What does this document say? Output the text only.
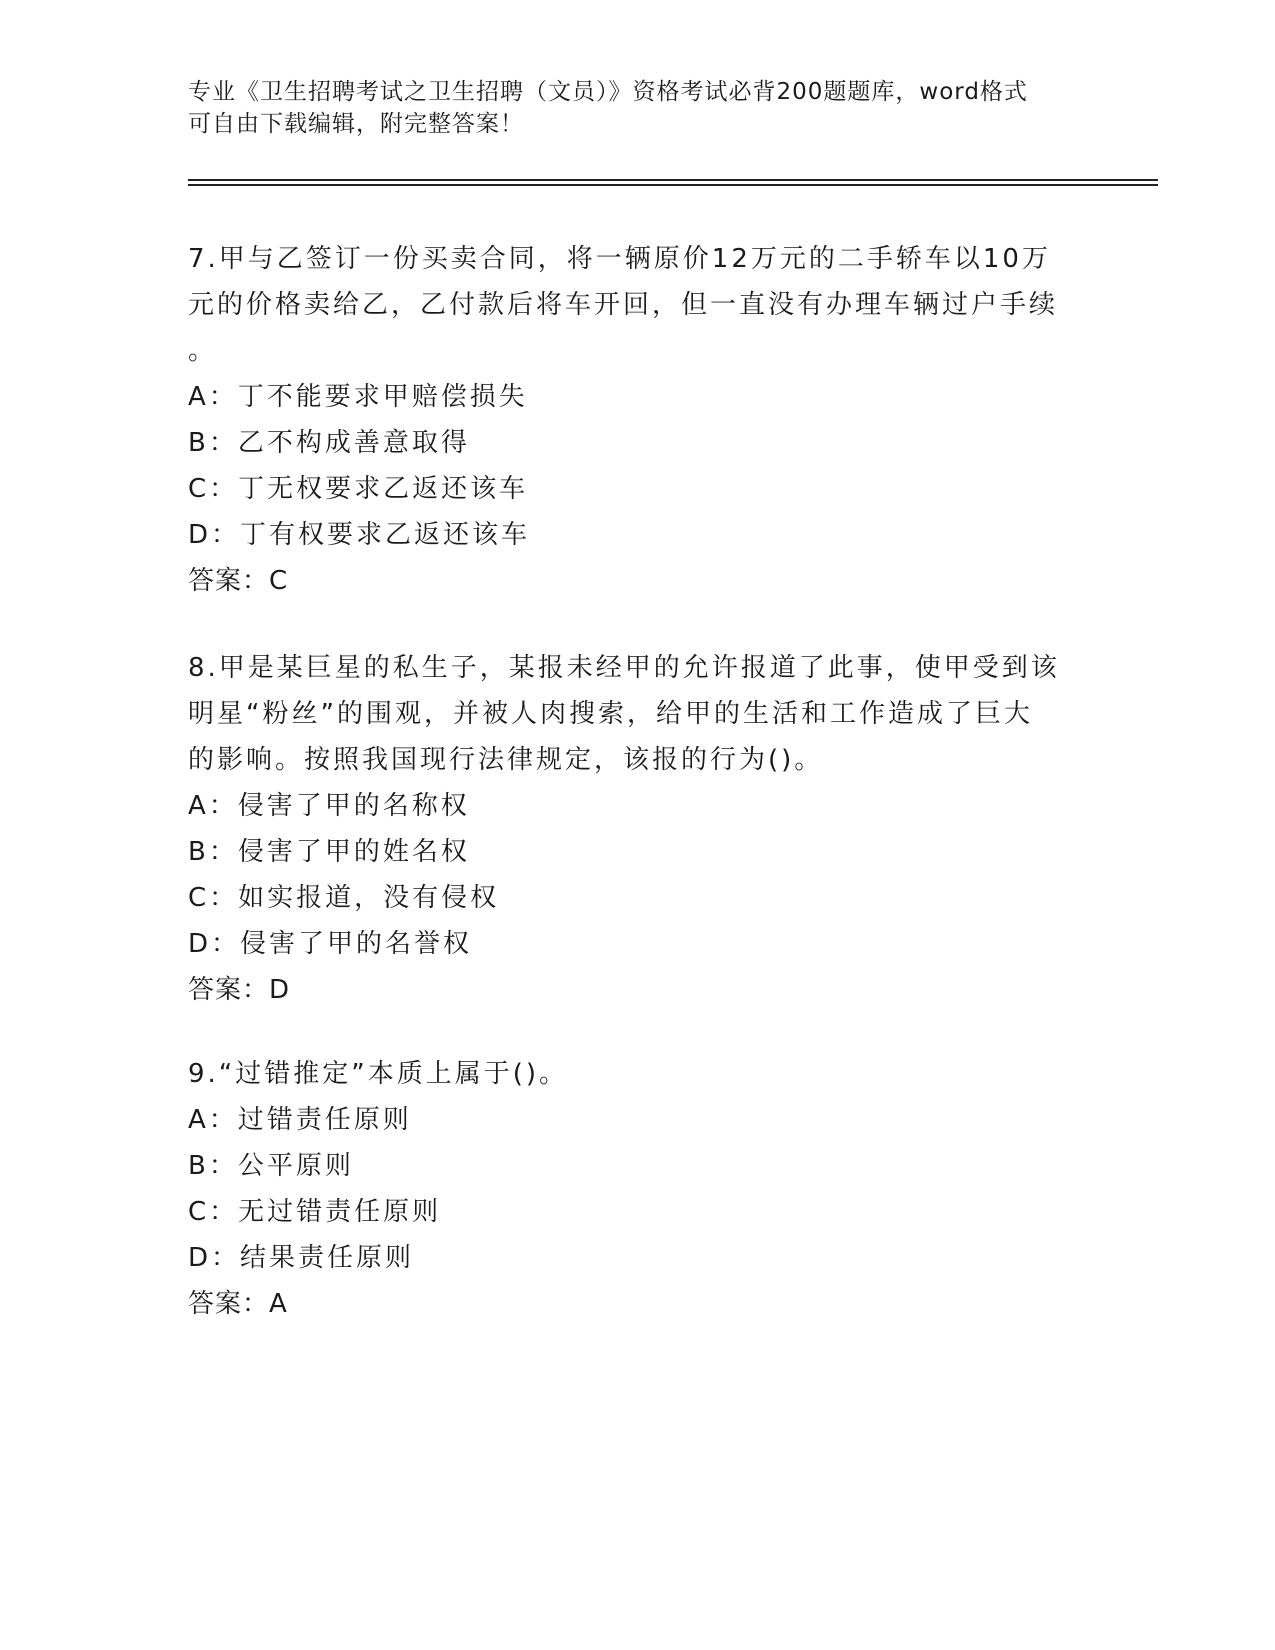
专业《卫生招聘考试之卫生招聘（文员）》资格考试必背200题题库，word格式
可自由下载编辑，附完整答案！
7.甲与乙签订一份买卖合同，将一辆原价12万元的二手轿车以10万
元的价格卖给乙，乙付款后将车开回，但一直没有办理车辆过户手续
。
A：丁不能要求甲赔偿损失
B：乙不构成善意取得
C：丁无权要求乙返还该车
D：丁有权要求乙返还该车
答案：C
8.甲是某巨星的私生子，某报未经甲的允许报道了此事，使甲受到该
明星“粉丝”的围观，并被人肉搜索，给甲的生活和工作造成了巨大
的影响。按照我国现行法律规定，该报的行为()。
A：侵害了甲的名称权
B：侵害了甲的姓名权
C：如实报道，没有侵权
D：侵害了甲的名誉权
答案：D
9.“过错推定”本质上属于()。
A：过错责任原则
B：公平原则
C：无过错责任原则
D：结果责任原则
答案：A
